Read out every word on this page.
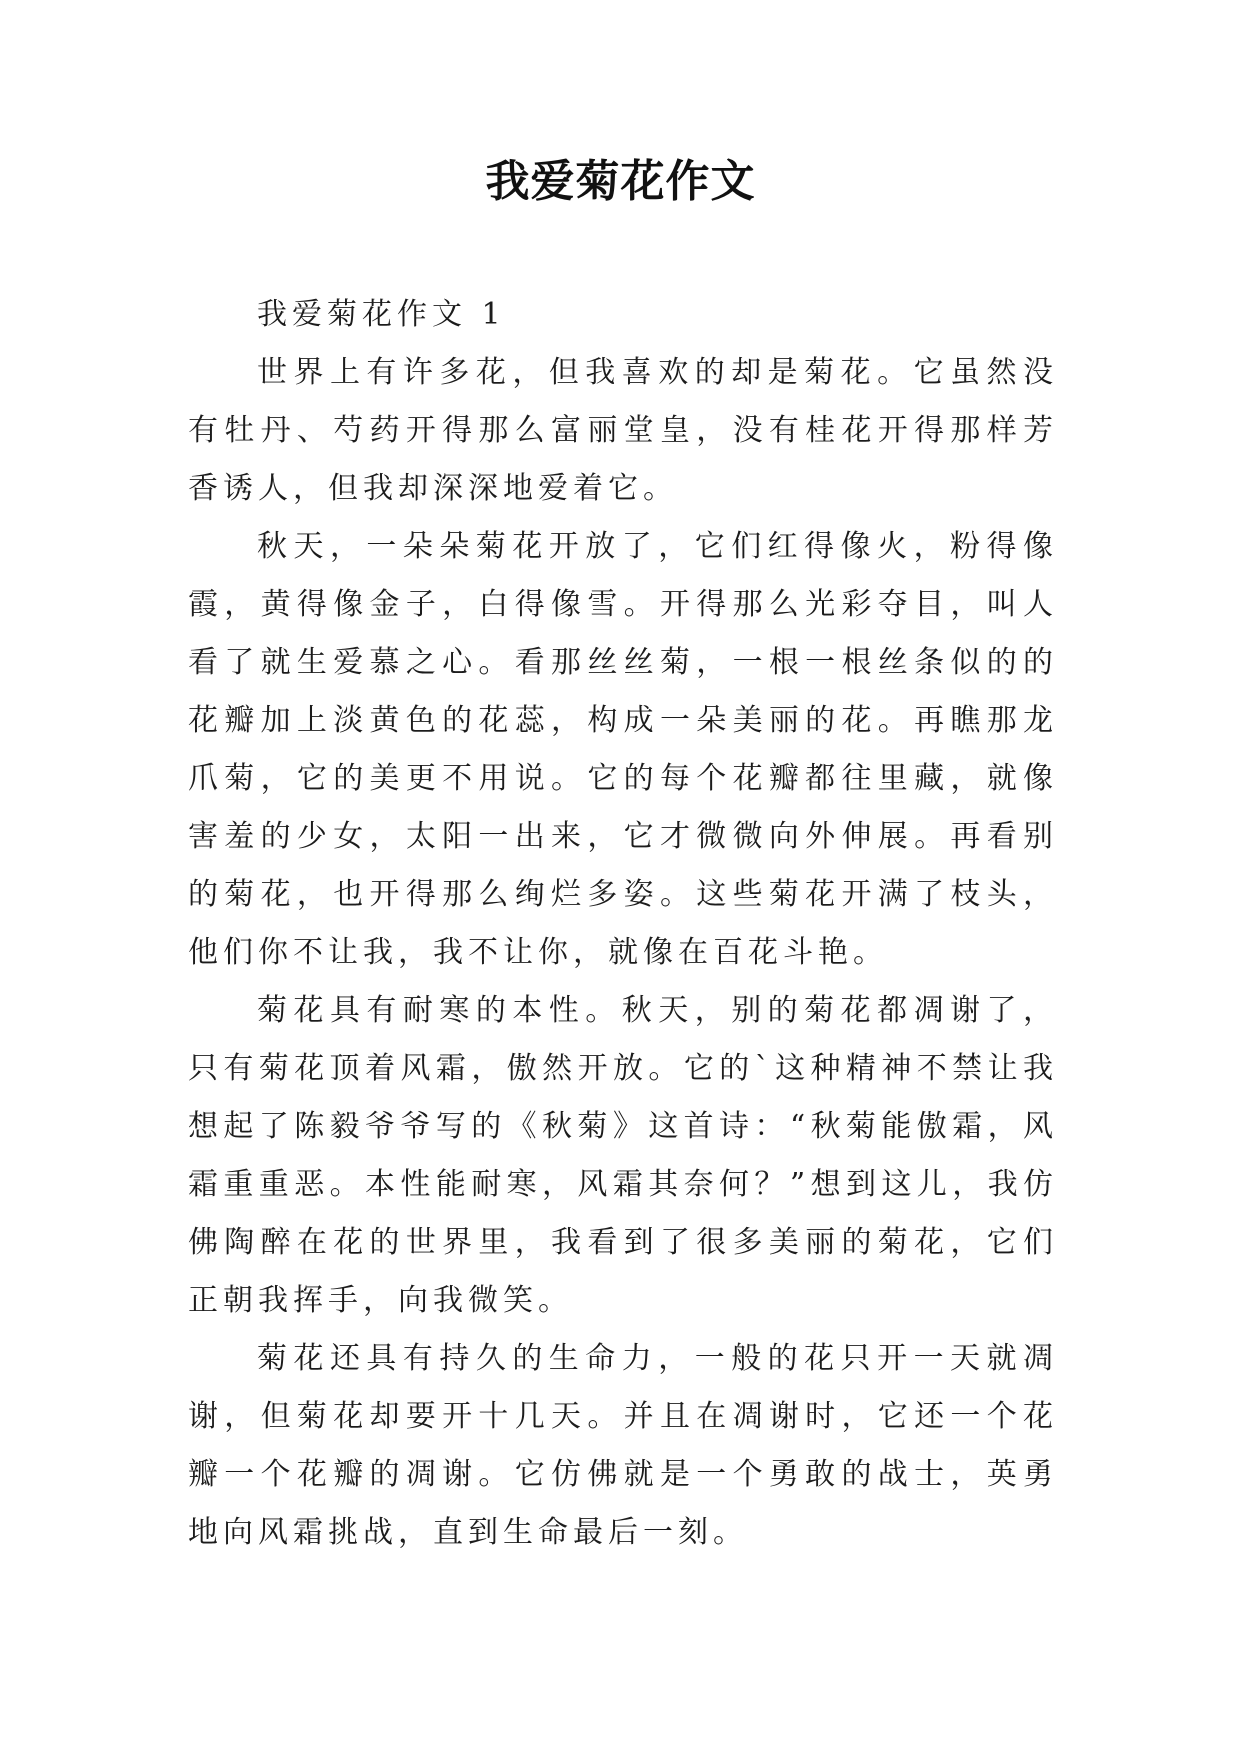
我爱菊花作文

我爱菊花作文 1

世界上有许多花，但我喜欢的却是菊花。它虽然没有牡丹、芍药开得那么富丽堂皇，没有桂花开得那样芳香诱人，但我却深深地爱着它。

秋天，一朵朵菊花开放了，它们红得像火，粉得像霞，黄得像金子，白得像雪。开得那么光彩夺目，叫人看了就生爱慕之心。看那丝丝菊，一根一根丝条似的的花瓣加上淡黄色的花蕊，构成一朵美丽的花。再瞧那龙爪菊，它的美更不用说。它的每个花瓣都往里藏，就像害羞的少女，太阳一出来，它才微微向外伸展。再看别的菊花，也开得那么绚烂多姿。这些菊花开满了枝头，他们你不让我，我不让你，就像在百花斗艳。

菊花具有耐寒的本性。秋天，别的菊花都凋谢了，只有菊花顶着风霜，傲然开放。它的`这种精神不禁让我想起了陈毅爷爷写的《秋菊》这首诗：“秋菊能傲霜，风霜重重恶。本性能耐寒，风霜其奈何？”想到这儿，我仿佛陶醉在花的世界里，我看到了很多美丽的菊花，它们正朝我挥手，向我微笑。

菊花还具有持久的生命力，一般的花只开一天就凋谢，但菊花却要开十几天。并且在凋谢时，它还一个花瓣一个花瓣的凋谢。它仿佛就是一个勇敢的战士，英勇地向风霜挑战，直到生命最后一刻。
